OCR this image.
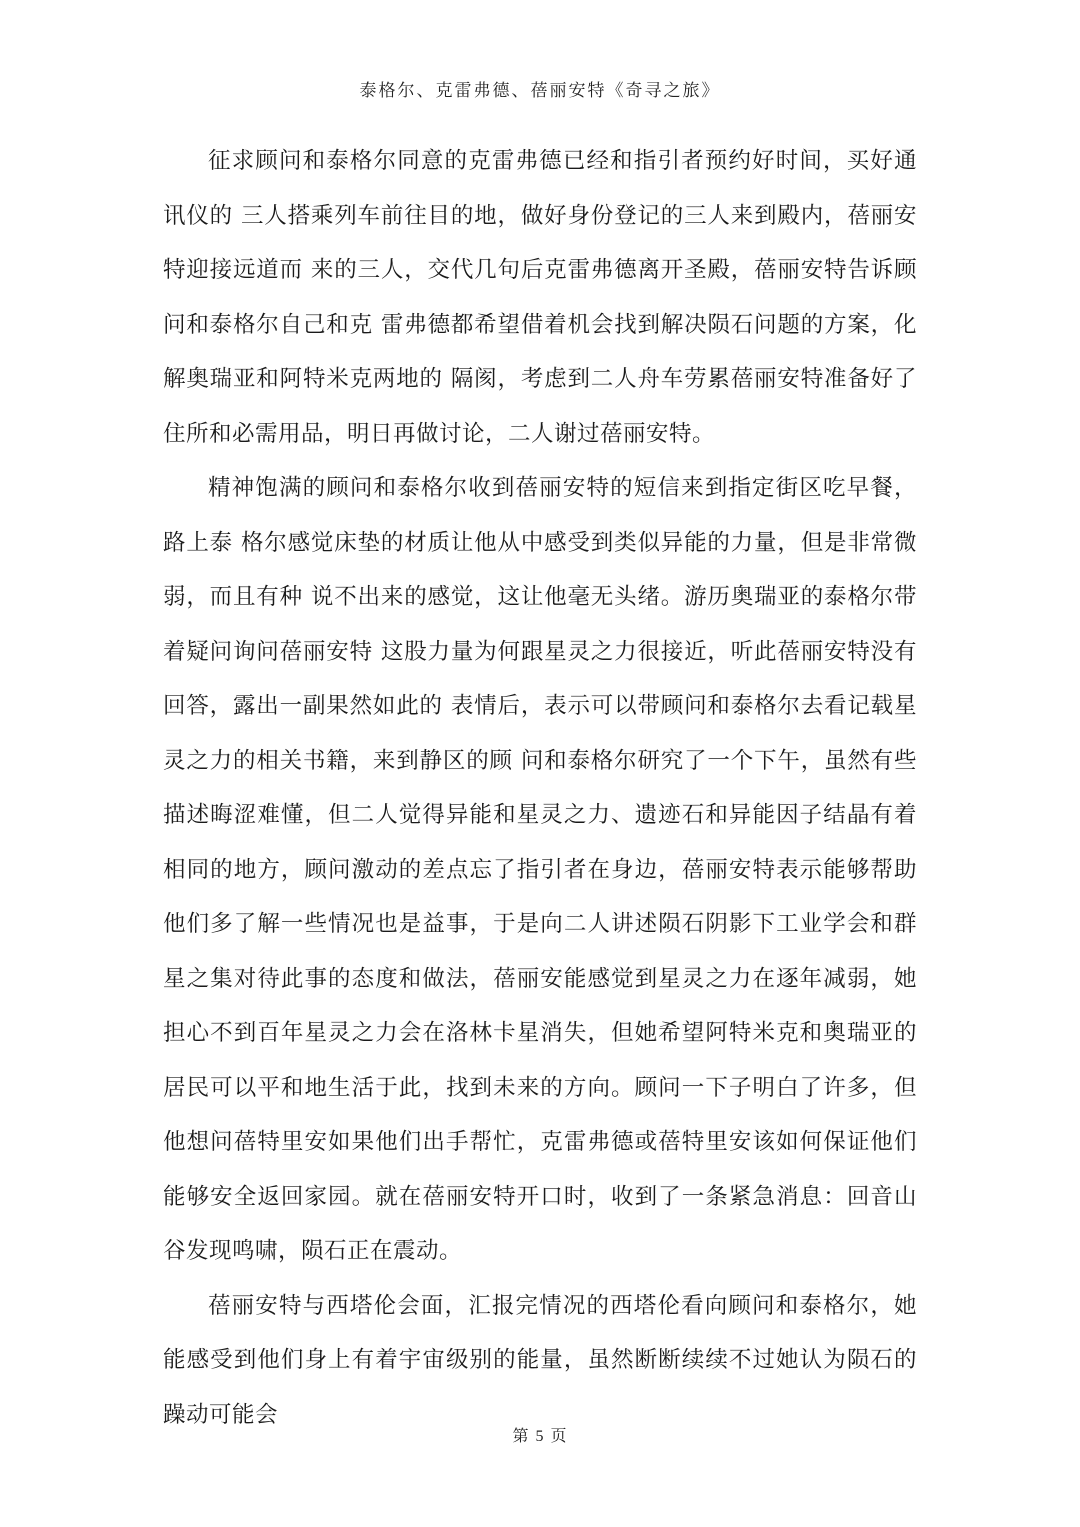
泰格尔、克雷弗德、蓓丽安特《奇寻之旅》

征求顾问和泰格尔同意的克雷弗德已经和指引者预约好时间，买好通讯仪的 三人搭乘列车前往目的地，做好身份登记的三人来到殿内，蓓丽安特迎接远道而 来的三人，交代几句后克雷弗德离开圣殿，蓓丽安特告诉顾问和泰格尔自己和克 雷弗德都希望借着机会找到解决陨石问题的方案，化解奥瑞亚和阿特米克两地的 隔阂，考虑到二人舟车劳累蓓丽安特准备好了住所和必需用品，明日再做讨论，二人谢过蓓丽安特。

精神饱满的顾问和泰格尔收到蓓丽安特的短信来到指定街区吃早餐，路上泰 格尔感觉床垫的材质让他从中感受到类似异能的力量，但是非常微弱，而且有种 说不出来的感觉，这让他毫无头绪。游历奥瑞亚的泰格尔带着疑问询问蓓丽安特 这股力量为何跟星灵之力很接近，听此蓓丽安特没有回答，露出一副果然如此的 表情后，表示可以带顾问和泰格尔去看记载星灵之力的相关书籍，来到静区的顾 问和泰格尔研究了一个下午，虽然有些描述晦涩难懂，但二人觉得异能和星灵之力、遗迹石和异能因子结晶有着相同的地方，顾问激动的差点忘了指引者在身边，蓓丽安特表示能够帮助他们多了解一些情况也是益事，于是向二人讲述陨石阴影下工业学会和群星之集对待此事的态度和做法，蓓丽安能感觉到星灵之力在逐年减弱，她担心不到百年星灵之力会在洛林卡星消失，但她希望阿特米克和奥瑞亚的居民可以平和地生活于此，找到未来的方向。顾问一下子明白了许多，但他想问蓓特里安如果他们出手帮忙，克雷弗德或蓓特里安该如何保证他们能够安全返回家园。就在蓓丽安特开口时，收到了一条紧急消息：回音山谷发现鸣啸，陨石正在震动。

蓓丽安特与西塔伦会面，汇报完情况的西塔伦看向顾问和泰格尔，她能感受到他们身上有着宇宙级别的能量，虽然断断续续不过她认为陨石的躁动可能会

第 5 页
